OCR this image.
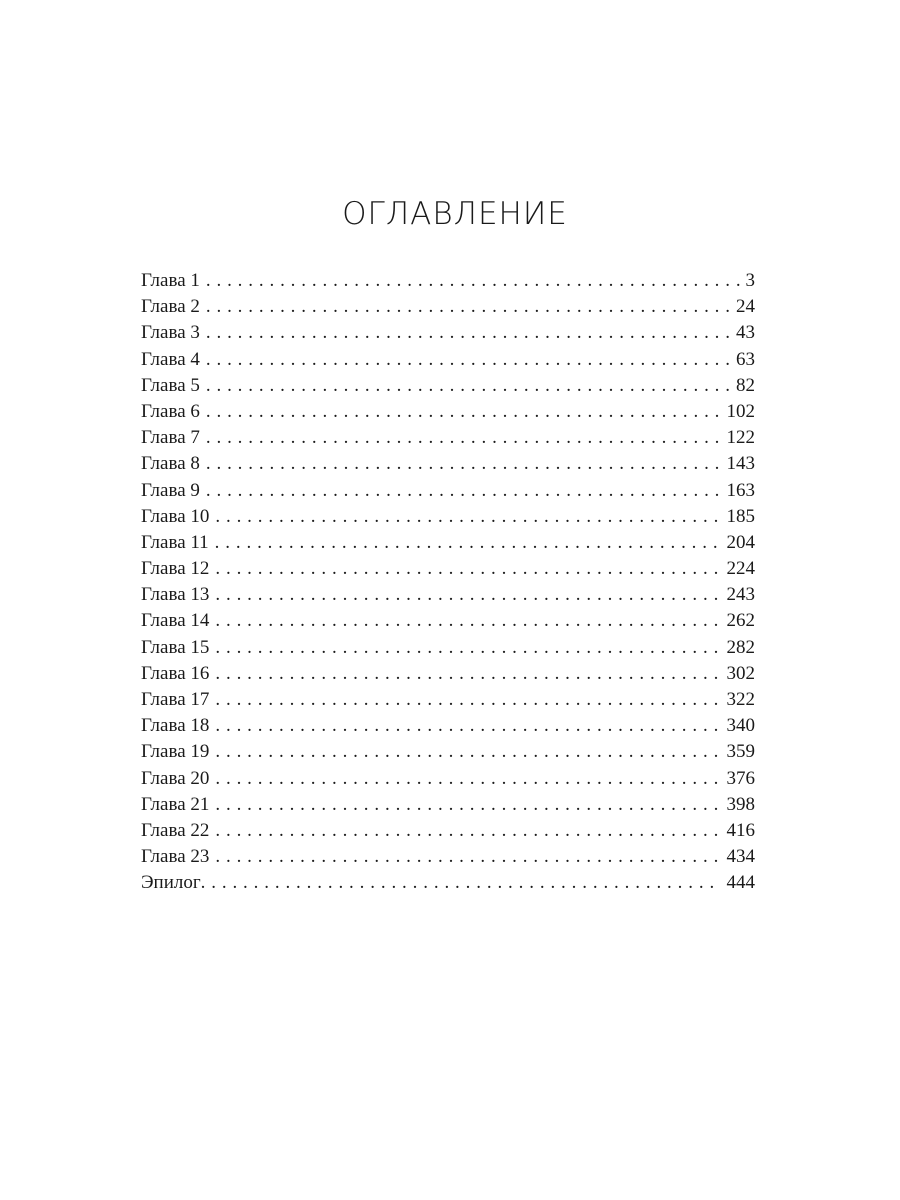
ОГЛАВЛЕНИЕ
Глава 1 . . .	3
Глава 2 . . .	24
Глава 3 . . .	43
Глава 4 . . .	63
Глава 5 . . .	82
Глава 6 . . .	102
Глава 7 . . .	122
Глава 8 . . .	143
Глава 9 . . .	163
Глава 10 . . .	185
Глава 11 . . .	204
Глава 12 . . .	224
Глава 13 . . .	243
Глава 14 . . .	262
Глава 15 . . .	282
Глава 16 . . .	302
Глава 17 . . .	322
Глава 18 . . .	340
Глава 19 . . .	359
Глава 20 . . .	376
Глава 21 . . .	398
Глава 22 . . .	416
Глава 23 . . .	434
Эпилог . . .	444
